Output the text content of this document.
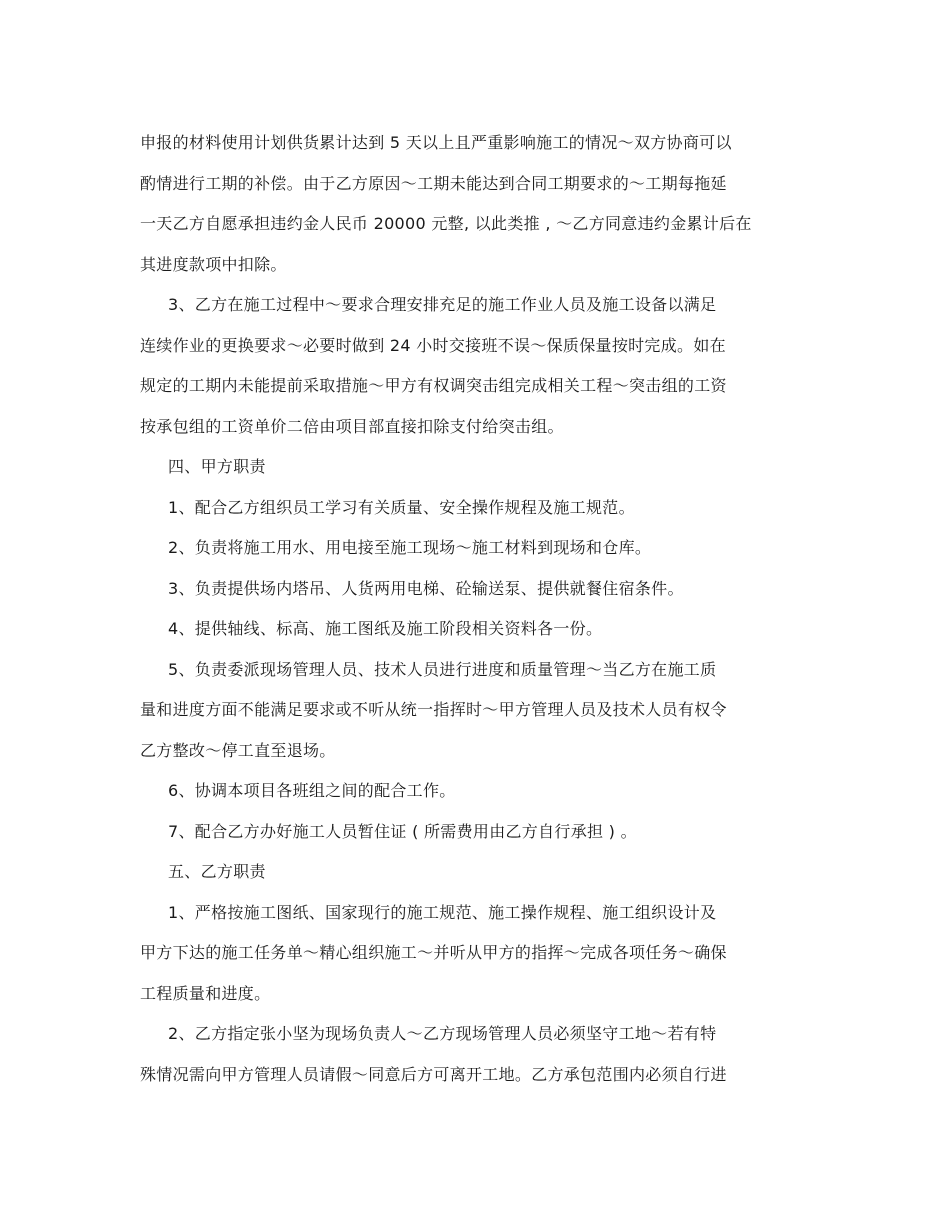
申报的材料使用计划供货累计达到 5 天以上且严重影响施工的情况～双方协商可以

酌情进行工期的补偿。由于乙方原因～工期未能达到合同工期要求的～工期每拖延

一天乙方自愿承担违约金人民币 20000 元整, 以此类推 , ～乙方同意违约金累计后在

其进度款项中扣除。

3、乙方在施工过程中～要求合理安排充足的施工作业人员及施工设备以满足

连续作业的更换要求～必要时做到 24 小时交接班不误～保质保量按时完成。如在

规定的工期内未能提前采取措施～甲方有权调突击组完成相关工程～突击组的工资

按承包组的工资单价二倍由项目部直接扣除支付给突击组。

四、甲方职责

1、配合乙方组织员工学习有关质量、安全操作规程及施工规范。

2、负责将施工用水、用电接至施工现场～施工材料到现场和仓库。

3、负责提供场内塔吊、人货两用电梯、砼输送泵、提供就餐住宿条件。

4、提供轴线、标高、施工图纸及施工阶段相关资料各一份。

5、负责委派现场管理人员、技术人员进行进度和质量管理～当乙方在施工质

量和进度方面不能满足要求或不听从统一指挥时～甲方管理人员及技术人员有权令

乙方整改～停工直至退场。

6、协调本项目各班组之间的配合工作。

7、配合乙方办好施工人员暂住证 ( 所需费用由乙方自行承担 ) 。

五、乙方职责

1、严格按施工图纸、国家现行的施工规范、施工操作规程、施工组织设计及

甲方下达的施工任务单～精心组织施工～并听从甲方的指挥～完成各项任务～确保

工程质量和进度。

2、乙方指定张小坚为现场负责人～乙方现场管理人员必须坚守工地～若有特

殊情况需向甲方管理人员请假～同意后方可离开工地。乙方承包范围内必须自行进
